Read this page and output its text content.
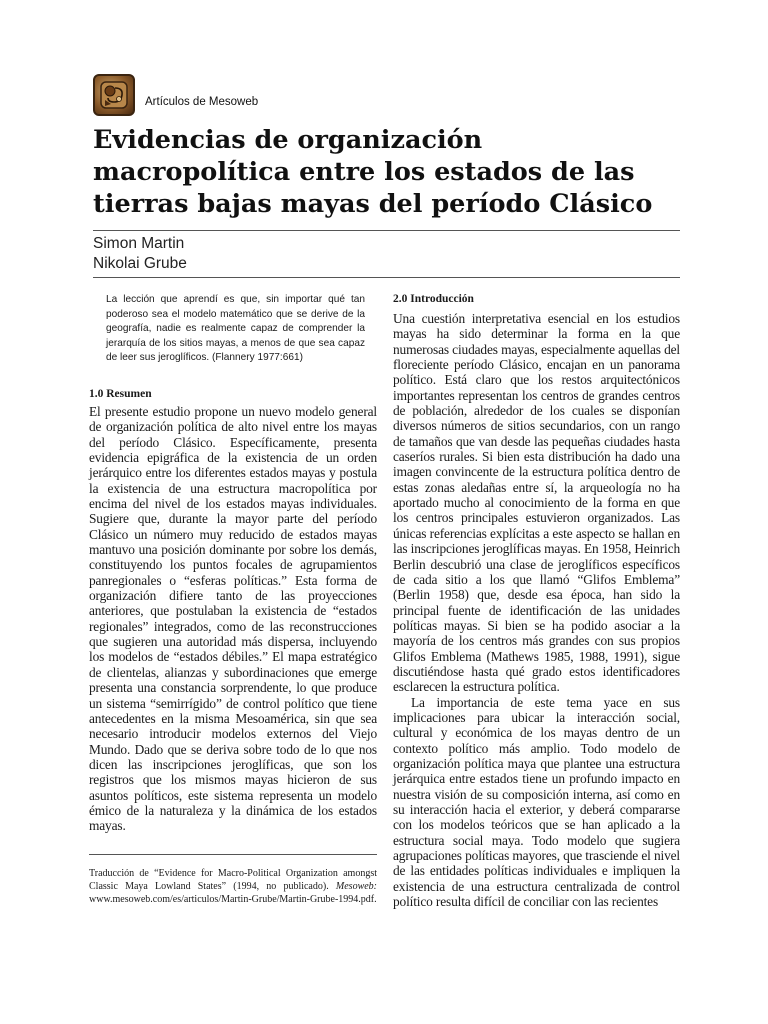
Artículos de Mesoweb
Evidencias de organización macropolítica entre los estados de las tierras bajas mayas del período Clásico
Simon Martin
Nikolai Grube

La lección que aprendí es que, sin importar qué tan poderoso sea el modelo matemático que se derive de la geografía, nadie es realmente capaz de comprender la jerarquía de los sitios mayas, a menos de que sea capaz de leer sus jeroglíficos. (Flannery 1977:661)

1.0 Resumen

El presente estudio propone un nuevo modelo general de organización política de alto nivel entre los mayas del período Clásico. Específicamente, presenta evidencia epigráfica de la existencia de un orden jerárquico entre los diferentes estados mayas y postula la existencia de una estructura macropolítica por encima del nivel de los estados mayas individuales. Sugiere que, durante la mayor parte del período Clásico un número muy reducido de estados mayas mantuvo una posición dominante por sobre los demás, constituyendo los puntos focales de agrupamientos panregionales o “esferas políticas.” Esta forma de organización difiere tanto de las proyecciones anteriores, que postulaban la existencia de “estados regionales” integrados, como de las reconstrucciones que sugieren una autoridad más dispersa, incluyendo los modelos de “estados débiles.” El mapa estratégico de clientelas, alianzas y subordinaciones que emerge presenta una constancia sorprendente, lo que produce un sistema “semirrígido” de control político que tiene antecedentes en la misma Mesoamérica, sin que sea necesario introducir modelos externos del Viejo Mundo. Dado que se deriva sobre todo de lo que nos dicen las inscripciones jeroglíficas, que son los registros que los mismos mayas hicieron de sus asuntos políticos, este sistema representa un modelo émico de la naturaleza y la dinámica de los estados mayas.

Traducción de “Evidence for Macro-Political Organization amongst Classic Maya Lowland States” (1994, no publicado). Mesoweb: www.mesoweb.com/es/articulos/Martin-Grube/Martin-Grube-1994.pdf.
2.0 Introducción

Una cuestión interpretativa esencial en los estudios mayas ha sido determinar la forma en la que numerosas ciudades mayas, especialmente aquellas del floreciente período Clásico, encajan en un panorama político. Está claro que los restos arquitectónicos importantes representan los centros de grandes centros de población, alrededor de los cuales se disponían diversos números de sitios secundarios, con un rango de tamaños que van desde las pequeñas ciudades hasta caseríos rurales. Si bien esta distribución ha dado una imagen convincente de la estructura política dentro de estas zonas aledañas entre sí, la arqueología no ha aportado mucho al conocimiento de la forma en que los centros principales estuvieron organizados. Las únicas referencias explícitas a este aspecto se hallan en las inscripciones jeroglíficas mayas. En 1958, Heinrich Berlin descubrió una clase de jeroglíficos específicos de cada sitio a los que llamó “Glifos Emblema” (Berlin 1958) que, desde esa época, han sido la principal fuente de identificación de las unidades políticas mayas. Si bien se ha podido asociar a la mayoría de los centros más grandes con sus propios Glifos Emblema (Mathews 1985, 1988, 1991), sigue discutiéndose hasta qué grado estos identificadores esclarecen la estructura política.

La importancia de este tema yace en sus implicaciones para ubicar la interacción social, cultural y económica de los mayas dentro de un contexto político más amplio. Todo modelo de organización política maya que plantee una estructura jerárquica entre estados tiene un profundo impacto en nuestra visión de su composición interna, así como en su interacción hacia el exterior, y deberá compararse con los modelos teóricos que se han aplicado a la estructura social maya. Todo modelo que sugiera agrupaciones políticas mayores, que trasciende el nivel de las entidades políticas individuales e impliquen la existencia de una estructura centralizada de control político resulta difícil de conciliar con las recientes
